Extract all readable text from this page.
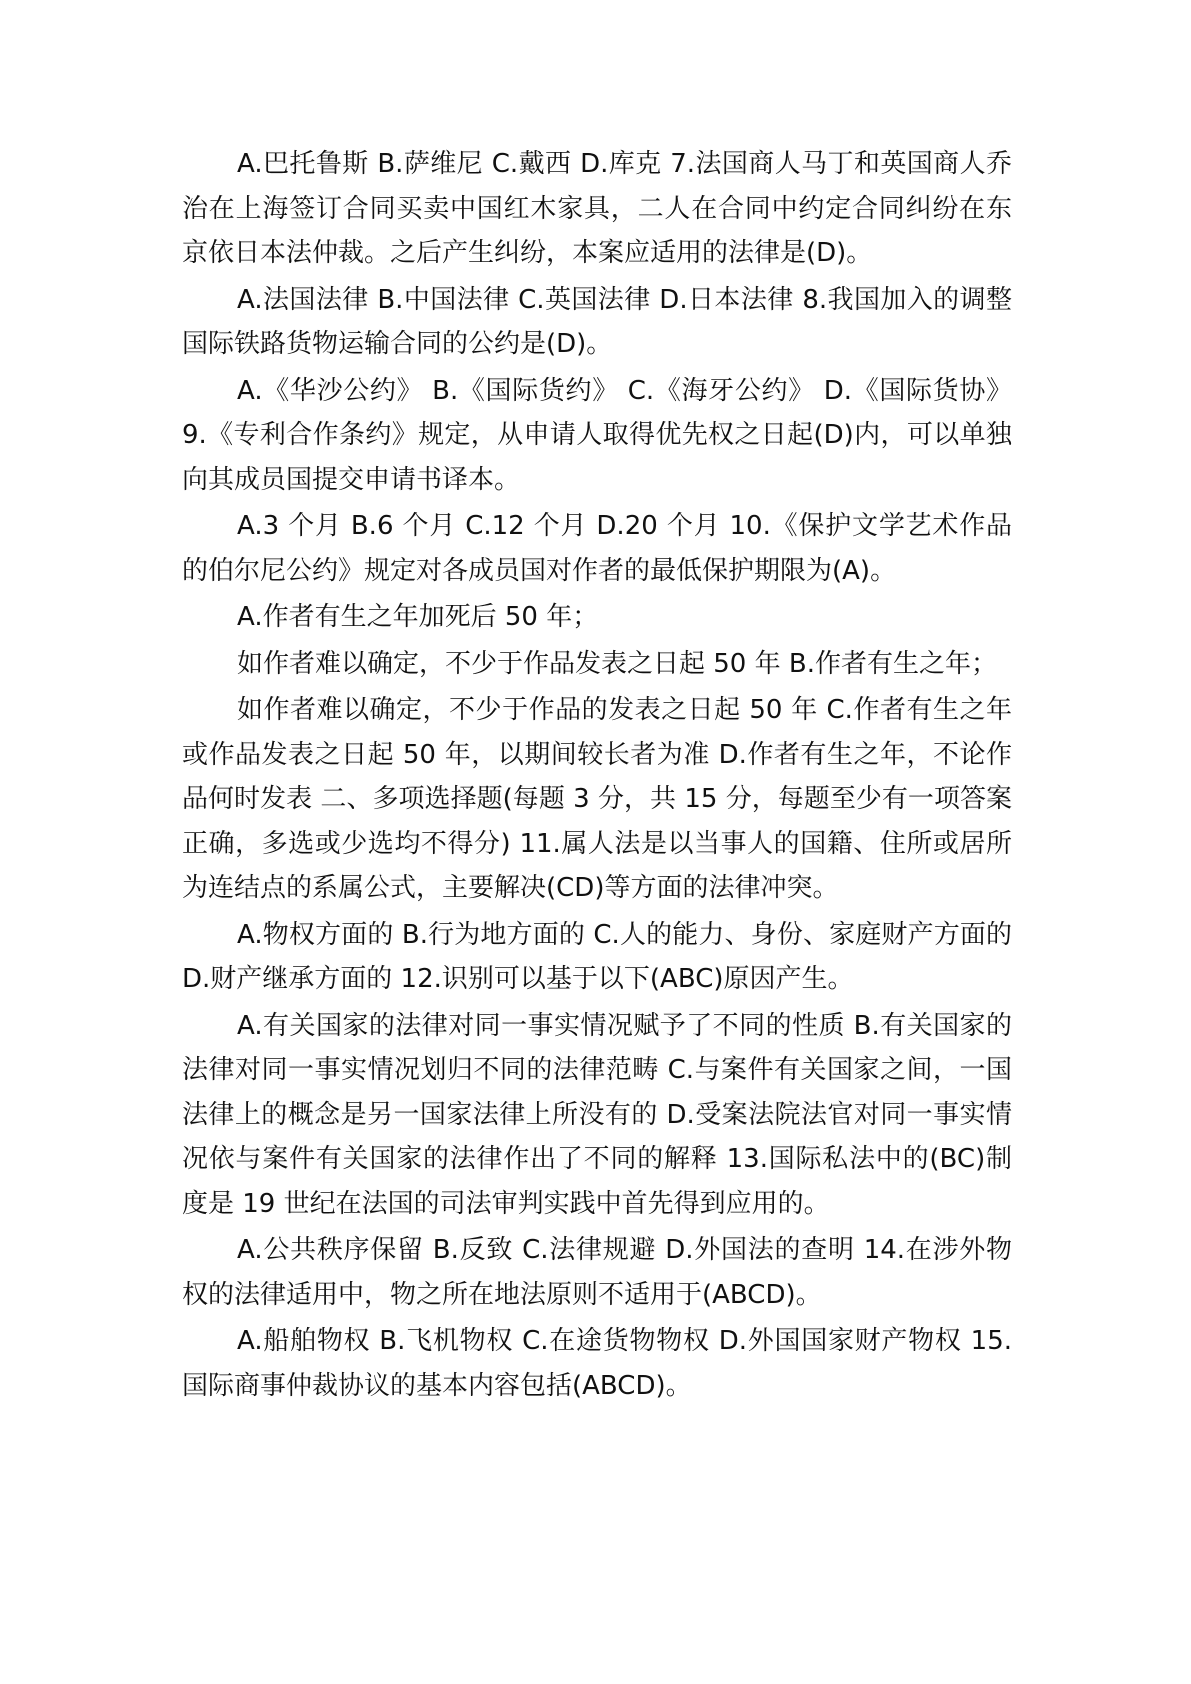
A.巴托鲁斯 B.萨维尼 C.戴西 D.库克 7.法国商人马丁和英国商人乔治在上海签订合同买卖中国红木家具，二人在合同中约定合同纠纷在东京依日本法仲裁。之后产生纠纷，本案应适用的法律是(D)。

A.法国法律 B.中国法律 C.英国法律 D.日本法律 8.我国加入的调整国际铁路货物运输合同的公约是(D)。

A.《华沙公约》 B.《国际货约》 C.《海牙公约》 D.《国际货协》 9.《专利合作条约》规定，从申请人取得优先权之日起(D)内，可以单独向其成员国提交申请书译本。

A.3 个月 B.6 个月 C.12 个月 D.20 个月 10.《保护文学艺术作品的伯尔尼公约》规定对各成员国对作者的最低保护期限为(A)。

A.作者有生之年加死后 50 年；

如作者难以确定，不少于作品发表之日起 50 年 B.作者有生之年；

如作者难以确定，不少于作品的发表之日起 50 年 C.作者有生之年或作品发表之日起 50 年，以期间较长者为准 D.作者有生之年，不论作品何时发表 二、多项选择题(每题 3 分，共 15 分，每题至少有一项答案正确，多选或少选均不得分) 11.属人法是以当事人的国籍、住所或居所为连结点的系属公式，主要解决(CD)等方面的法律冲突。

A.物权方面的 B.行为地方面的 C.人的能力、身份、家庭财产方面的 D.财产继承方面的 12.识别可以基于以下(ABC)原因产生。

A.有关国家的法律对同一事实情况赋予了不同的性质 B.有关国家的法律对同一事实情况划归不同的法律范畴 C.与案件有关国家之间，一国法律上的概念是另一国家法律上所没有的 D.受案法院法官对同一事实情况依与案件有关国家的法律作出了不同的解释 13.国际私法中的(BC)制度是 19 世纪在法国的司法审判实践中首先得到应用的。

A.公共秩序保留 B.反致 C.法律规避 D.外国法的查明 14.在涉外物权的法律适用中，物之所在地法原则不适用于(ABCD)。

A.船舶物权 B.飞机物权 C.在途货物物权 D.外国国家财产物权 15.国际商事仲裁协议的基本内容包括(ABCD)。
